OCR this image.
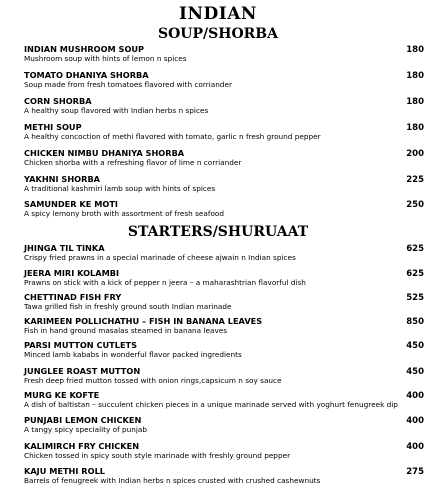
INDIAN
SOUP/SHORBA
INDIAN MUSHROOM SOUP
Mushroom soup with hints of lemon n spices
180
TOMATO DHANIYA SHORBA
Soup made from fresh tomatoes flavored with corriander
180
CORN SHORBA
A healthy soup flavored with Indian herbs n spices
180
METHI SOUP
A healthy concoction of methi flavored with tomato, garlic n fresh ground pepper
180
CHICKEN NIMBU DHANIYA SHORBA
Chicken shorba with a refreshing flavor of lime n corriander
200
YAKHNI SHORBA
A traditional kashmiri lamb soup with hints of spices
225
SAMUNDER KE MOTI
A spicy lemony broth with assortment of fresh seafood
250
STARTERS/SHURUAAT
JHINGA TIL TINKA
Crispy fried prawns in a special marinade of cheese ajwain n Indian spices
625
JEERA MIRI KOLAMBI
Prawns on stick with a kick of pepper n jeera – a maharashtrian flavorful dish
625
CHETTINAD FISH FRY
Tawa grilled fish in freshly ground south Indian marinade
525
KARIMEEN POLLICHATHU – FISH IN BANANA LEAVES
Fish in hand ground masalas steamed in banana leaves
850
PARSI MUTTON CUTLETS
Minced lamb kababs in wonderful flavor packed ingredients
450
JUNGLEE ROAST MUTTON
Fresh deep fried mutton tossed with onion rings,capsicum n soy sauce
450
MURG KE KOFTE
A dish of baltistan – succulent chicken pieces in a unique marinade served with yoghurt fenugreek dip
400
PUNJABI LEMON CHICKEN
A tangy spicy speciality of punjab
400
KALIMIRCH FRY CHICKEN
Chicken tossed in spicy south style marinade with freshly ground pepper
400
KAJU METHI ROLL
Barrels of fenugreek with Indian herbs n spices crusted with crushed cashewnuts
275
